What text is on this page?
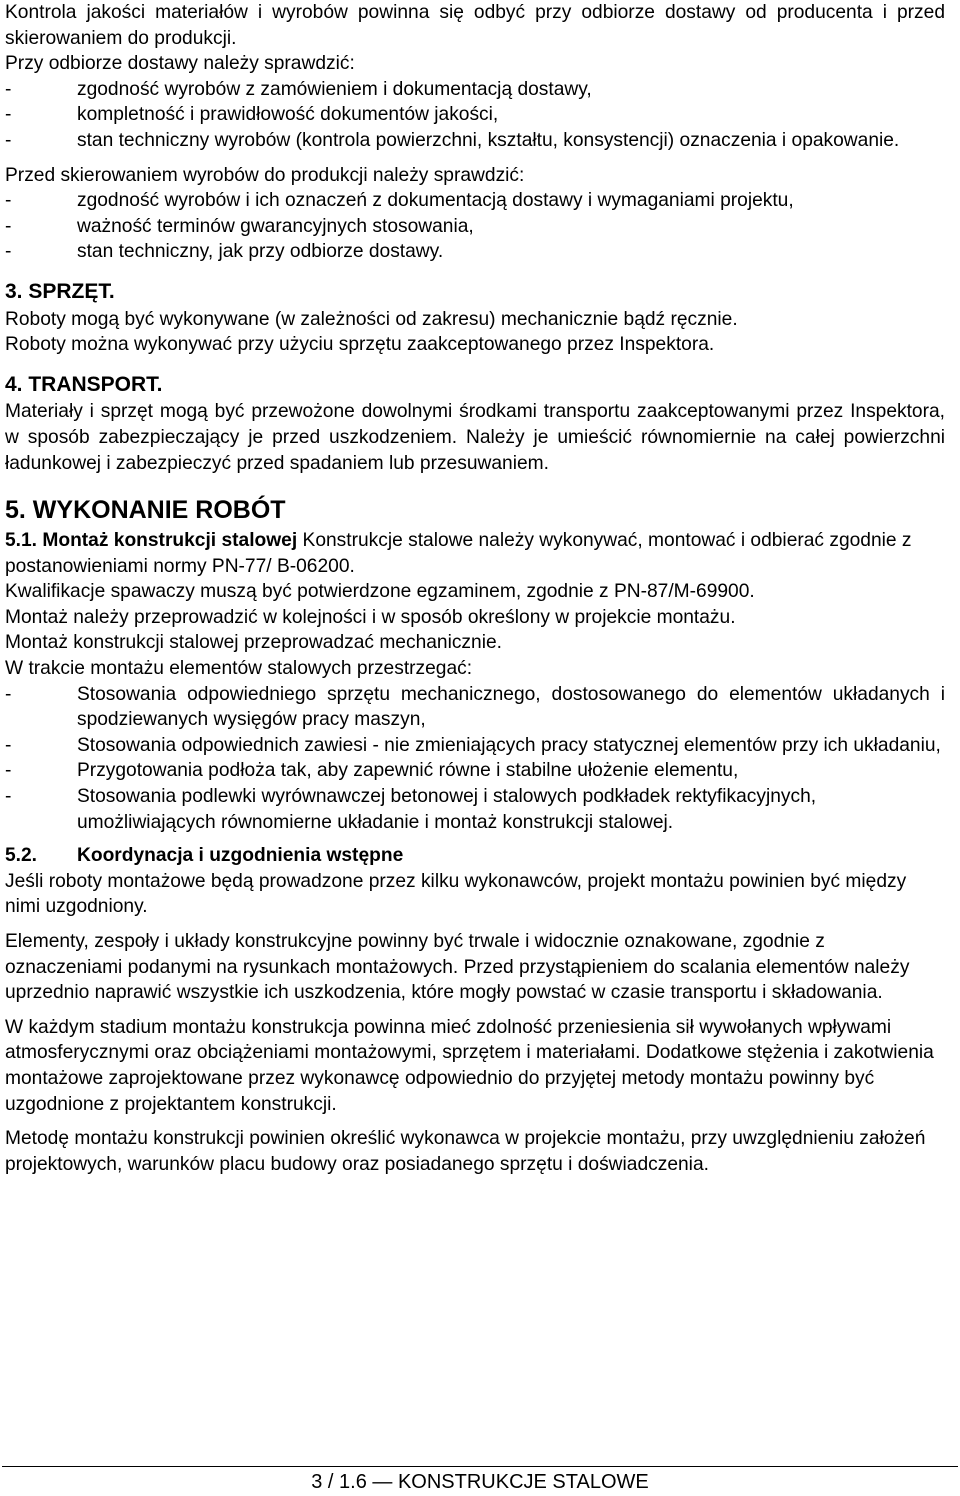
Kontrola jakości materiałów i wyrobów powinna się odbyć przy odbiorze dostawy od producenta i przed skierowaniem do produkcji.

Przy odbiorze dostawy należy sprawdzić:

-	zgodność wyrobów z zamówieniem i dokumentacją dostawy,
-	kompletność i prawidłowość dokumentów jakości,
-	stan techniczny wyrobów (kontrola powierzchni, kształtu, konsystencji) oznaczenia i opakowanie.

Przed skierowaniem wyrobów do produkcji należy sprawdzić:

-	zgodność wyrobów i ich oznaczeń z dokumentacją dostawy i wymaganiami projektu,
-	ważność terminów gwarancyjnych stosowania,
-	stan techniczny, jak przy odbiorze dostawy.
3. SPRZĘT.

Roboty mogą być wykonywane (w zależności od zakresu) mechanicznie bądź ręcznie.

Roboty można wykonywać przy użyciu sprzętu zaakceptowanego przez Inspektora.

4. TRANSPORT.

Materiały i sprzęt mogą być przewożone dowolnymi środkami transportu zaakceptowanymi przez Inspektora, w sposób zabezpieczający je przed uszkodzeniem. Należy je umieścić równomiernie na całej powierzchni ładunkowej i zabezpieczyć przed spadaniem lub przesuwaniem.

5. WYKONANIE ROBÓT

5.1. Montaż konstrukcji stalowej Konstrukcje stalowe należy wykonywać, montować i odbierać zgodnie z postanowieniami normy PN-77/ B-06200.

Kwalifikacje spawaczy muszą być potwierdzone egzaminem, zgodnie z PN-87/M-69900.

Montaż należy przeprowadzić w kolejności i w sposób określony w projekcie montażu.

Montaż konstrukcji stalowej przeprowadzać mechanicznie.

W trakcie montażu elementów stalowych przestrzegać:

-	Stosowania odpowiedniego sprzętu mechanicznego, dostosowanego do elementów układanych i spodziewanych wysięgów pracy maszyn,
-	Stosowania odpowiednich zawiesi - nie zmieniających pracy statycznej elementów przy ich układaniu,
-	Przygotowania podłoża tak, aby zapewnić równe i stabilne ułożenie elementu,
-	Stosowania podlewki wyrównawczej betonowej i stalowych podkładek rektyfikacyjnych, umożliwiających równomierne układanie i montaż konstrukcji stalowej.

5.2. Koordynacja i uzgodnienia wstępne

Jeśli roboty montażowe będą prowadzone przez kilku wykonawców, projekt montażu powinien być między nimi uzgodniony.

Elementy, zespoły i układy konstrukcyjne powinny być trwale i widocznie oznakowane, zgodnie z oznaczeniami podanymi na rysunkach montażowych. Przed przystąpieniem do scalania elementów należy uprzednio naprawić wszystkie ich uszkodzenia, które mogły powstać w czasie transportu i składowania.

W każdym stadium montażu konstrukcja powinna mieć zdolność przeniesienia sił wywołanych wpływami atmosferycznymi oraz obciążeniami montażowymi, sprzętem i materiałami. Dodatkowe stężenia i zakotwienia montażowe zaprojektowane przez wykonawcę odpowiednio do przyjętej metody montażu powinny być uzgodnione z projektantem konstrukcji.

Metodę montażu konstrukcji powinien określić wykonawca w projekcie montażu, przy uwzględnieniu założeń projektowych, warunków placu budowy oraz posiadanego sprzętu i doświadczenia.

3 / 1.6 — KONSTRUKCJE STALOWE
